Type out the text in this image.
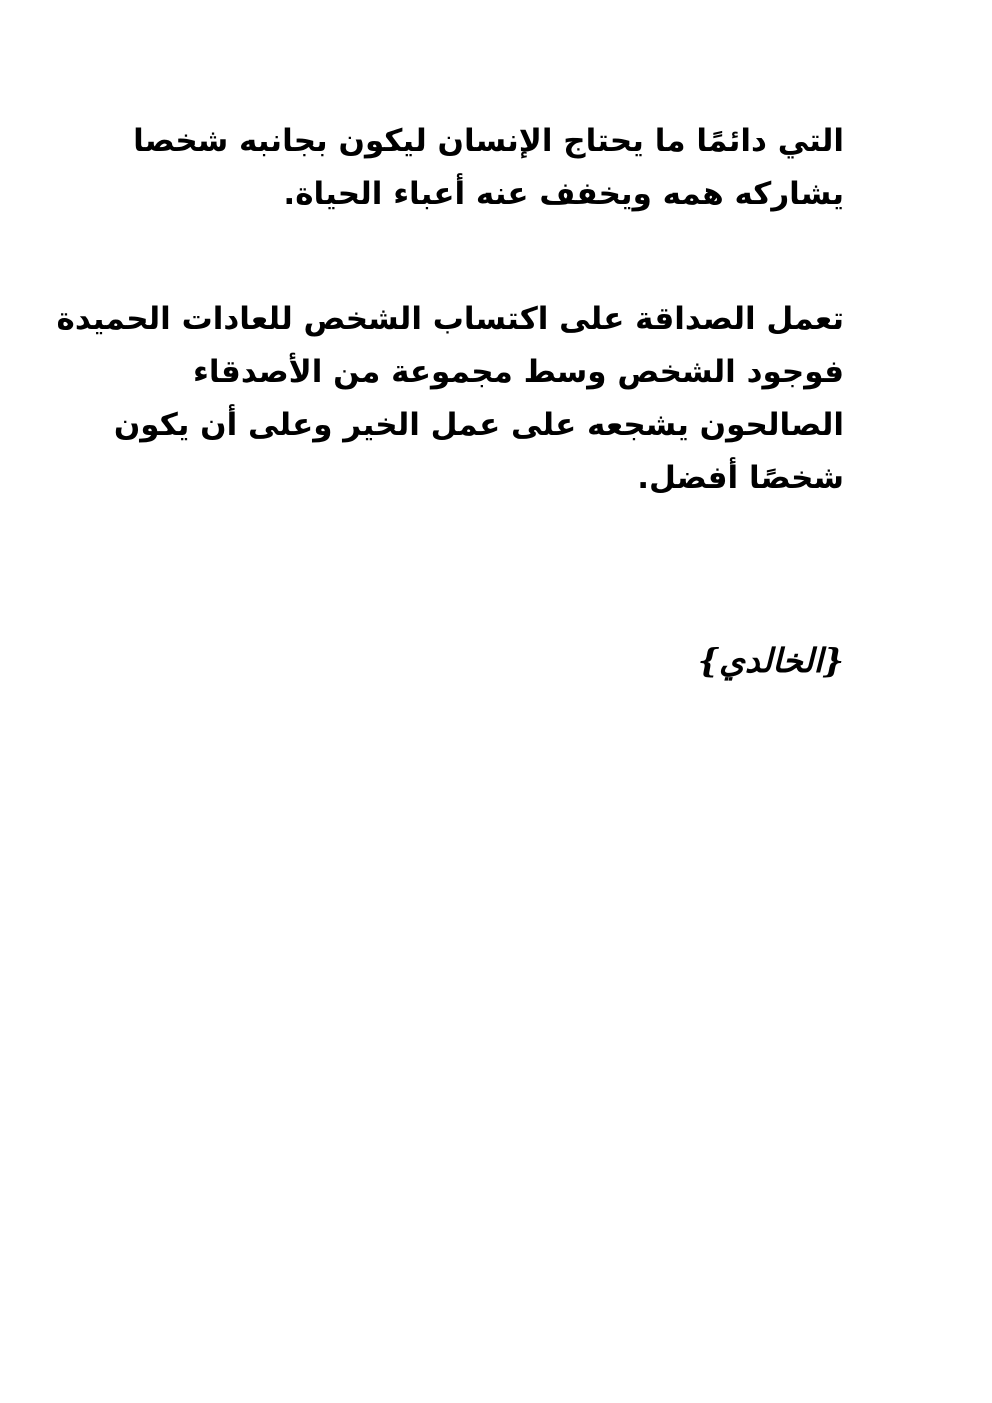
التي دائمًا ما يحتاج الإنسان ليكون بجانبه شخصا
يشاركه همه ويخفف عنه أعباء الحياة.
تعمل الصداقة على اكتساب الشخص للعادات الحميدة
فوجود الشخص وسط مجموعة من الأصدقاء
الصالحون يشجعه على عمل الخير وعلى أن يكون
شخصًا أفضل.
{الخالدي}
